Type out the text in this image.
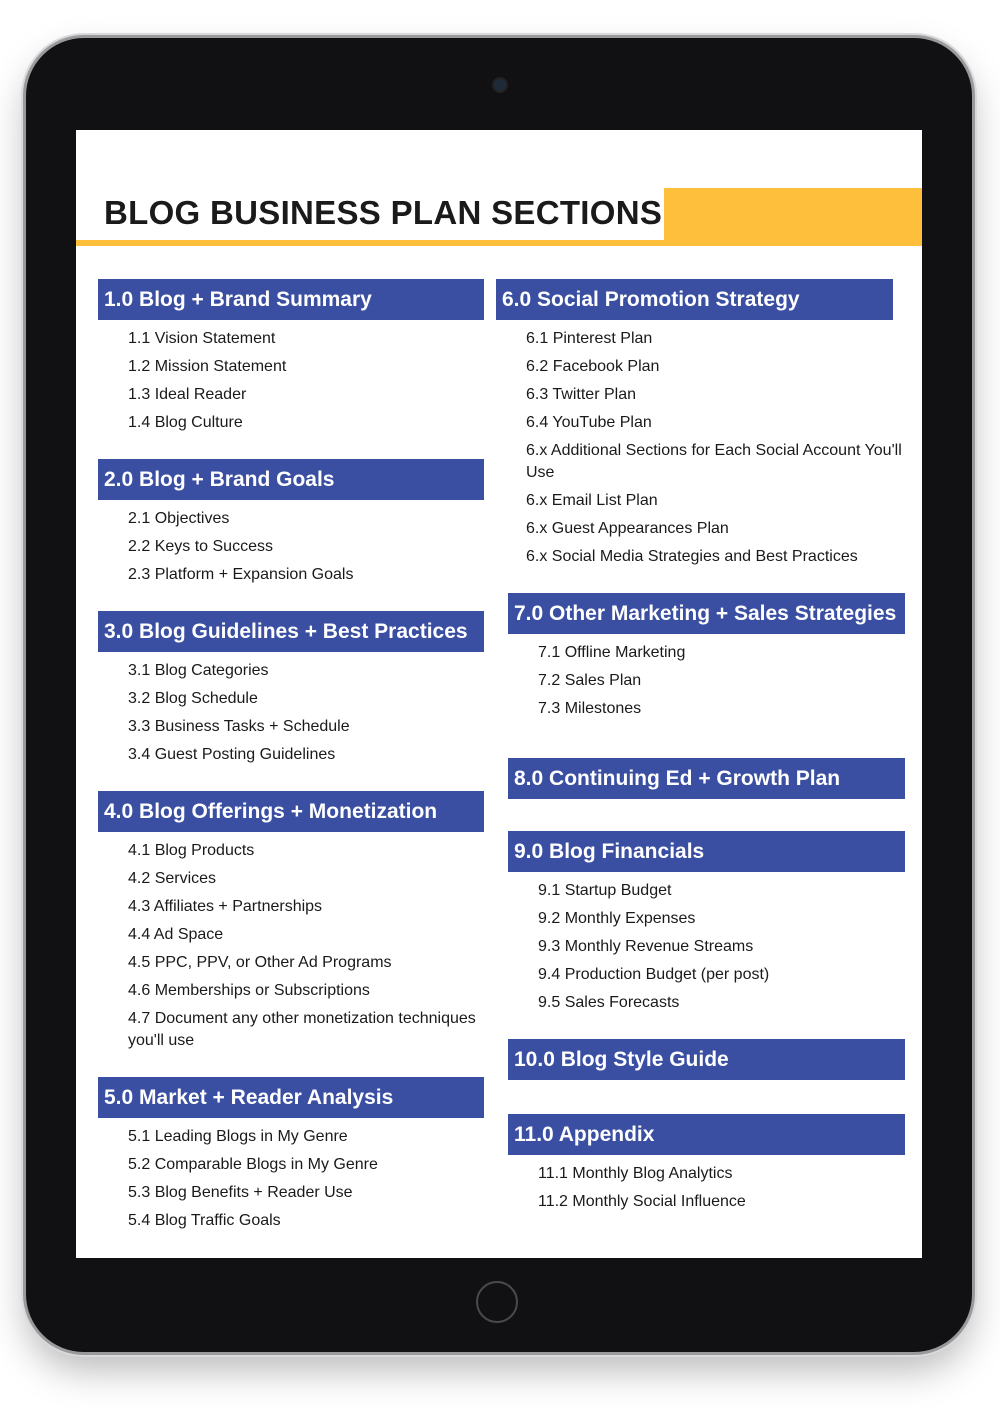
BLOG BUSINESS PLAN SECTIONS
1.0 Blog + Brand Summary
1.1 Vision Statement
1.2 Mission Statement
1.3 Ideal Reader
1.4 Blog Culture
2.0 Blog + Brand Goals
2.1 Objectives
2.2 Keys to Success
2.3 Platform + Expansion Goals
3.0 Blog Guidelines + Best Practices
3.1 Blog Categories
3.2 Blog Schedule
3.3 Business Tasks + Schedule
3.4 Guest Posting Guidelines
4.0 Blog Offerings + Monetization
4.1 Blog Products
4.2 Services
4.3 Affiliates + Partnerships
4.4 Ad Space
4.5 PPC, PPV, or Other Ad Programs
4.6 Memberships or Subscriptions
4.7 Document any other monetization techniques you'll use
5.0 Market + Reader Analysis
5.1 Leading Blogs in My Genre
5.2 Comparable Blogs in My Genre
5.3 Blog Benefits + Reader Use
5.4 Blog Traffic Goals
6.0 Social Promotion Strategy
6.1 Pinterest Plan
6.2 Facebook Plan
6.3 Twitter Plan
6.4 YouTube Plan
6.x Additional Sections for Each Social Account You'll Use
6.x Email List Plan
6.x Guest Appearances Plan
6.x Social Media Strategies and Best Practices
7.0 Other Marketing + Sales Strategies
7.1 Offline Marketing
7.2 Sales Plan
7.3 Milestones
8.0 Continuing Ed + Growth Plan
9.0 Blog Financials
9.1 Startup Budget
9.2 Monthly Expenses
9.3 Monthly Revenue Streams
9.4 Production Budget (per post)
9.5 Sales Forecasts
10.0 Blog Style Guide
11.0 Appendix
11.1 Monthly Blog Analytics
11.2 Monthly Social Influence
